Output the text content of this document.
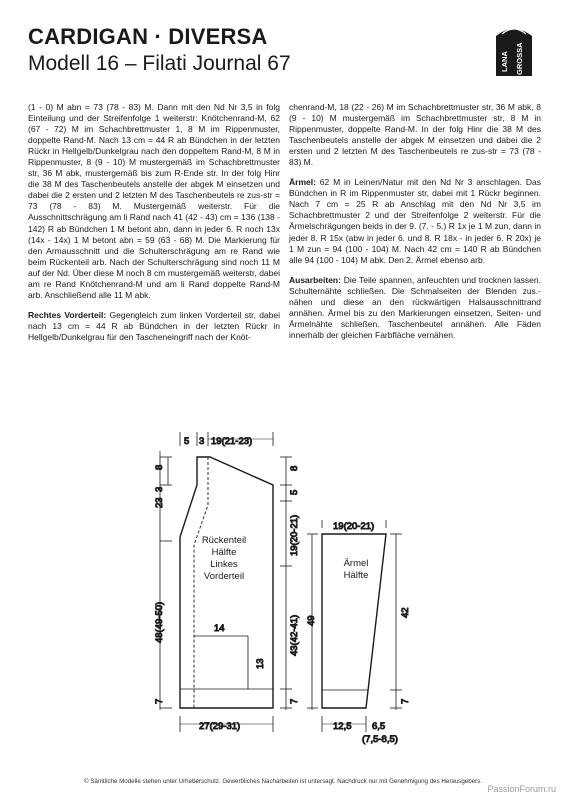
CARDIGAN · DIVERSA
Modell 16 – Filati Journal 67	LANA GROSSA

(1 - 0) M abn = 73 (78 - 83) M. Dann mit den Nd Nr 3,5 in folg Einteilung und der Streifenfolge 1 weiterstr: Knötchenrand-M, 62 (67 - 72) M im Schachbrettmuster 1, 8 M im Rippenmuster, doppelte Rand-M. Nach 13 cm = 44 R ab Bündchen in der letzten Rückr in Hellgelb/Dunkelgrau nach den doppeltem Rand-M, 8 M in Rippenmuster, 8 (9 - 10) M mustergemäß im Schachbrettmuster str, 36 M abk, mustergemäß bis zum R-Ende str. In der folg Hinr die 38 M des Taschenbeutels anstelle der abgek M einsetzen und dabei die 2 ersten und 2 letzten M des Taschenbeutels re zus-str = 73 (78 - 83) M. Mustergemäß weiterstr. Für die Ausschnittschrägung am li Rand nach 41 (42 - 43) cm = 136 (138 - 142) R ab Bündchen 1 M betont abn, dann in jeder 6. R noch 13x (14x - 14x) 1 M betont abn = 59 (63 - 68) M. Die Markierung für den Armausschnitt und die Schulterschrägung am re Rand wie beim Rückenteil arb. Nach der Schulterschrägung sind noch 11 M auf der Nd. Über diese M noch 8 cm mustergemäß weiterstr, dabei am re Rand Knötchenrand-M und am li Rand doppelte Rand-M arb. Anschließend alle 11 M abk.

Rechtes Vorderteil: Gegengleich zum linken Vorderteil str, dabei nach 13 cm = 44 R ab Bündchen in der letzten Rückr in Hellgelb/Dunkelgrau für den Tascheneingriff nach der Knöt-

chenrand-M, 18 (22 - 26) M im Schachbrettmuster str, 36 M abk, 8 (9 - 10) M mustergemäß im Schachbrettmuster str, 8 M in Rippenmuster, doppelte Rand-M. In der folg Hinr die 38 M des Taschenbeutels anstelle der abgek M einsetzen und dabei die 2 ersten und 2 letzten M des Taschenbeutels re zus-str = 73 (78 - 83) M.

Ärmel: 62 M in Leinen/Natur mit den Nd Nr 3 anschlagen. Das Bündchen in R im Rippenmuster str, dabei mit 1 Rückr beginnen. Nach 7 cm = 25 R ab Anschlag mit den Nd Nr 3,5 im Schachbrettmuster 2 und der Streifenfolge 2 weiterstr. Für die Ärmelschrägungen beids in der 9. (7. - 5.) R 1x je 1 M zun, dann in jeder 8. R 15x (abw in jeder 6. und 8. R 18x - in jeder 6. R 20x) je 1 M zun = 94 (100 - 104) M. Nach 42 cm = 140 R ab Bündchen alle 94 (100 - 104) M abk. Den 2. Ärmel ebenso arb.

Ausarbeiten: Die Teile spannen, anfeuchten und trocknen lassen. Schulternähte schließen. Die Schmalseiten der Blenden zus.-nähen und diese an den rückwärtigen Halsausschnittrand annähen. Ärmel bis zu den Markierungen einsetzen, Seiten- und Ärmelnähte schließen. Taschenbeutel annähen. Alle Fäden innerhalb der gleichen Farbfläche vernähen.

5 3 19(21-23)
8
3
23
8
5
19(20-21)
48(49-50)	43(42-41)
14
13
7	7
27(29-31)
Rückenteil
Hälfte
Linkes
Vorderteil
19(20-21)
49
42
7
12,5 6,5
(7,5-8,5)
Ärmel
Hälfte
© Sämtliche Modelle stehen unter Urheberschutz. Gewerbliches Nacharbeiten ist untersagt. Nachdruck nur mit Genehmigung des Herausgebers.
PassionForum.ru
